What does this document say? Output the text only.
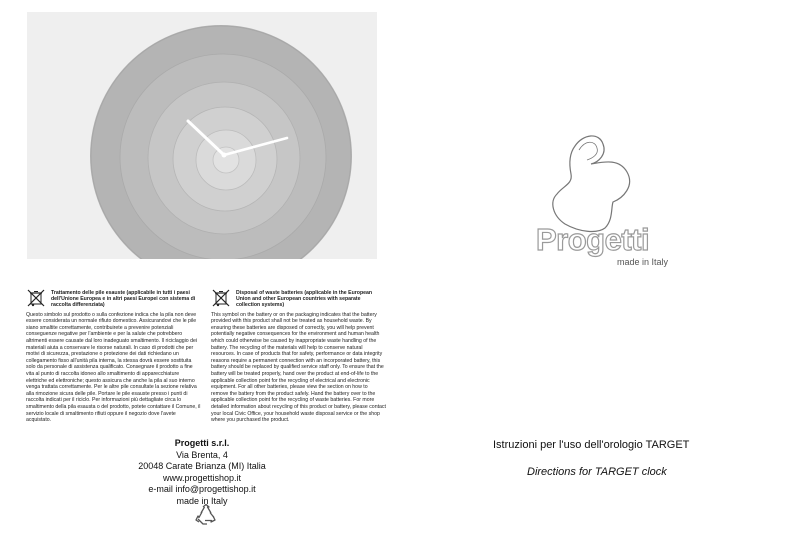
Trattamento delle pile esauste (applicabile in tutti i paesi dell'Unione Europea e in altri paesi Europei con sistema di raccolta differenziata)

Questo simbolo sul prodotto o sulla confezione indica che la pila non deve essere considerata un normale rifiuto domestico. Assicurandovi che le pile siano smaltite correttamente, contribuirete a prevenire potenziali conseguenze negative per l'ambiente e per la salute che potrebbero altrimenti essere causate dal loro inadeguato smaltimento. Il riciclaggio dei materiali aiuta a conservare le risorse naturali. In caso di prodotti che per motivi di sicurezza, prestazione o protezione dei dati richiedano un collegamento fisso all'unità pila interna, la stessa dovrà essere sostituita solo da personale di assistenza qualificato. Consegnare il prodotto a fine vita al punto di raccolta idoneo allo smaltimento di apparecchiature elettriche ed elettroniche; questo assicura che anche la pila al suo interno venga trattata correttamente. Per le altre pile consultate la sezione relativa alla rimozione sicura delle pile. Portare le pile esauste presso i punti di raccolta indicati per il riciclo. Per informazioni più dettagliate circa lo smaltimento della pila esausta o del prodotto, potete contattare il Comune, il servizio locale di smaltimento rifiuti oppure il negozio dove l'avete acquistato.

Disposal of waste batteries (applicable in the European Union and other European countries with separate collection systems)

This symbol on the battery or on the packaging indicates that the battery provided with this product shall not be treated as household waste. By ensuring these batteries are disposed of correctly, you will help prevent potentially negative consequences for the environment and human health which could otherwise be caused by inappropriate waste handling of the battery. The recycling of the materials will help to conserve natural resources. In case of products that for safety, performance or data integrity reasons require a permanent connection with an incorporated battery, this battery should be replaced by qualified service staff only. To ensure that the battery will be treated properly, hand over the product at end-of-life to the applicable collection point for the recycling of electrical and electronic equipment. For all other batteries, please view the section on how to remove the battery from the product safely. Hand the battery over to the applicable collection point for the recycling of waste batteries. For more detailed information about recycling of this product or battery, please contact your local Civic Office, your household waste disposal service or the shop where you purchased the product.

Progetti s.r.l.
Via Brenta, 4
20048 Carate Brianza (MI) Italia
www.progettishop.it
e-mail info@progettishop.it
made in Italy
Progetti
made in Italy
Istruzioni per l'uso dell'orologio TARGET
Directions for TARGET clock
